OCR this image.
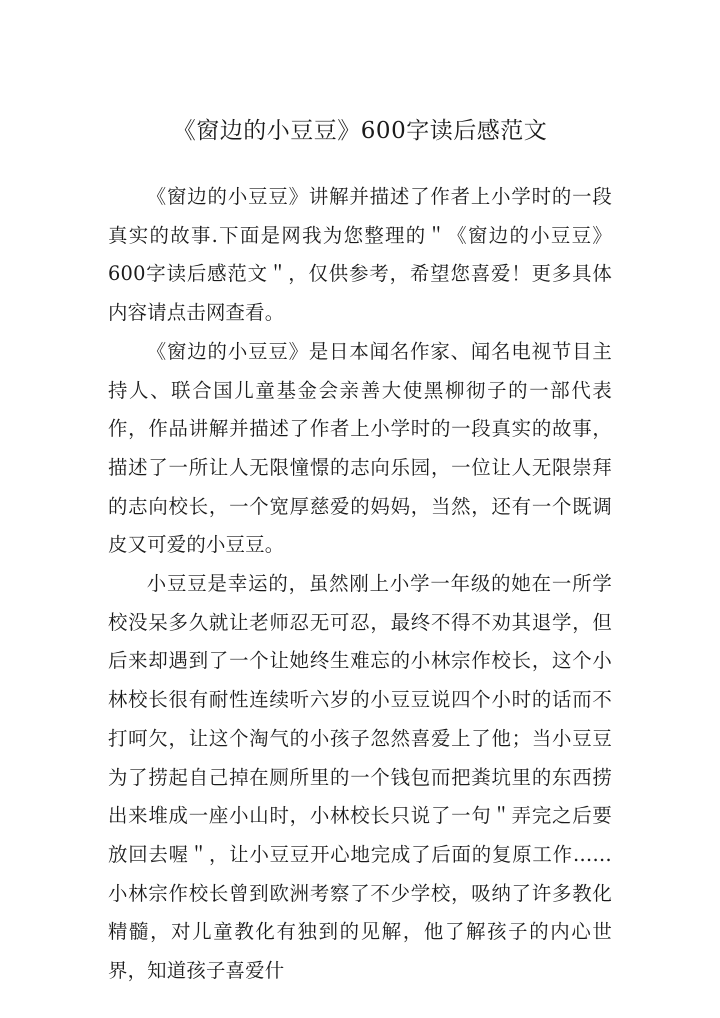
《窗边的小豆豆》600字读后感范文

《窗边的小豆豆》讲解并描述了作者上小学时的一段真实的故事.下面是网我为您整理的＂《窗边的小豆豆》600字读后感范文＂，仅供参考，希望您喜爱！更多具体内容请点击网查看。

《窗边的小豆豆》是日本闻名作家、闻名电视节目主持人、联合国儿童基金会亲善大使黑柳彻子的一部代表作，作品讲解并描述了作者上小学时的一段真实的故事，描述了一所让人无限憧憬的志向乐园，一位让人无限崇拜的志向校长，一个宽厚慈爱的妈妈，当然，还有一个既调皮又可爱的小豆豆。

小豆豆是幸运的，虽然刚上小学一年级的她在一所学校没呆多久就让老师忍无可忍，最终不得不劝其退学，但后来却遇到了一个让她终生难忘的小林宗作校长，这个小林校长很有耐性连续听六岁的小豆豆说四个小时的话而不打呵欠，让这个淘气的小孩子忽然喜爱上了他；当小豆豆为了捞起自己掉在厕所里的一个钱包而把粪坑里的东西捞出来堆成一座小山时，小林校长只说了一句＂弄完之后要放回去喔＂，让小豆豆开心地完成了后面的复原工作……小林宗作校长曾到欧洲考察了不少学校，吸纳了许多教化精髓，对儿童教化有独到的见解，他了解孩子的内心世界，知道孩子喜爱什
